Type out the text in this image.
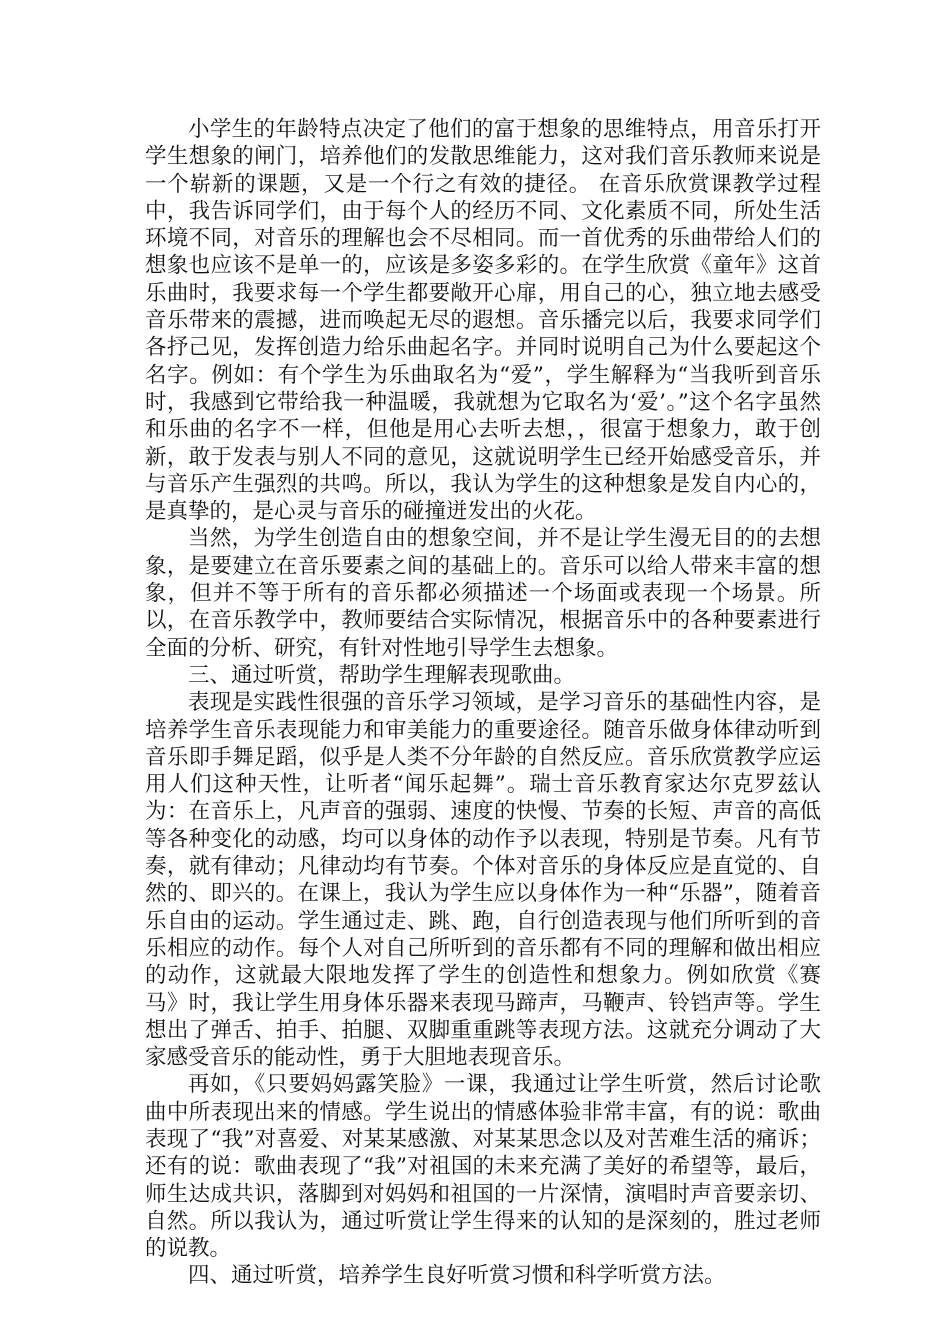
小学生的年龄特点决定了他们的富于想象的思维特点，用音乐打开学生想象的闸门，培养他们的发散思维能力，这对我们音乐教师来说是一个崭新的课题，又是一个行之有效的捷径。 在音乐欣赏课教学过程中，我告诉同学们，由于每个人的经历不同、文化素质不同，所处生活环境不同，对音乐的理解也会不尽相同。而一首优秀的乐曲带给人们的想象也应该不是单一的，应该是多姿多彩的。在学生欣赏《童年》这首乐曲时，我要求每一个学生都要敞开心扉，用自己的心，独立地去感受音乐带来的震撼，进而唤起无尽的遐想。音乐播完以后，我要求同学们各抒己见，发挥创造力给乐曲起名字。并同时说明自己为什么要起这个名字。例如：有个学生为乐曲取名为“爱”，学生解释为“当我听到音乐时，我感到它带给我一种温暖，我就想为它取名为‘爱’。”这个名字虽然和乐曲的名字不一样，但他是用心去听去想，，很富于想象力，敢于创新，敢于发表与别人不同的意见，这就说明学生已经开始感受音乐，并与音乐产生强烈的共鸣。所以，我认为学生的这种想象是发自内心的，是真挚的，是心灵与音乐的碰撞迸发出的火花。

当然，为学生创造自由的想象空间，并不是让学生漫无目的的去想象，是要建立在音乐要素之间的基础上的。音乐可以给人带来丰富的想象，但并不等于所有的音乐都必须描述一个场面或表现一个场景。所以，在音乐教学中，教师要结合实际情况，根据音乐中的各种要素进行全面的分析、研究，有针对性地引导学生去想象。

三、通过听赏，帮助学生理解表现歌曲。

表现是实践性很强的音乐学习领域，是学习音乐的基础性内容，是培养学生音乐表现能力和审美能力的重要途径。随音乐做身体律动听到音乐即手舞足蹈，似乎是人类不分年龄的自然反应。音乐欣赏教学应运用人们这种天性，让听者“闻乐起舞”。瑞士音乐教育家达尔克罗兹认为：在音乐上，凡声音的强弱、速度的快慢、节奏的长短、声音的高低等各种变化的动感，均可以身体的动作予以表现，特别是节奏。凡有节奏，就有律动；凡律动均有节奏。个体对音乐的身体反应是直觉的、自然的、即兴的。在课上，我认为学生应以身体作为一种“乐器”，随着音乐自由的运动。学生通过走、跳、跑，自行创造表现与他们所听到的音乐相应的动作。每个人对自己所听到的音乐都有不同的理解和做出相应的动作，这就最大限地发挥了学生的创造性和想象力。例如欣赏《赛马》时，我让学生用身体乐器来表现马蹄声，马鞭声、铃铛声等。学生想出了弹舌、拍手、拍腿、双脚重重跳等表现方法。这就充分调动了大家感受音乐的能动性，勇于大胆地表现音乐。

再如，《只要妈妈露笑脸》一课，我通过让学生听赏，然后讨论歌曲中所表现出来的情感。学生说出的情感体验非常丰富，有的说：歌曲表现了“我”对喜爱、对某某感激、对某某思念以及对苦难生活的痛诉；还有的说：歌曲表现了“我”对祖国的未来充满了美好的希望等，最后，师生达成共识，落脚到对妈妈和祖国的一片深情，演唱时声音要亲切、自然。所以我认为，通过听赏让学生得来的认知的是深刻的，胜过老师的说教。

四、通过听赏，培养学生良好听赏习惯和科学听赏方法。
